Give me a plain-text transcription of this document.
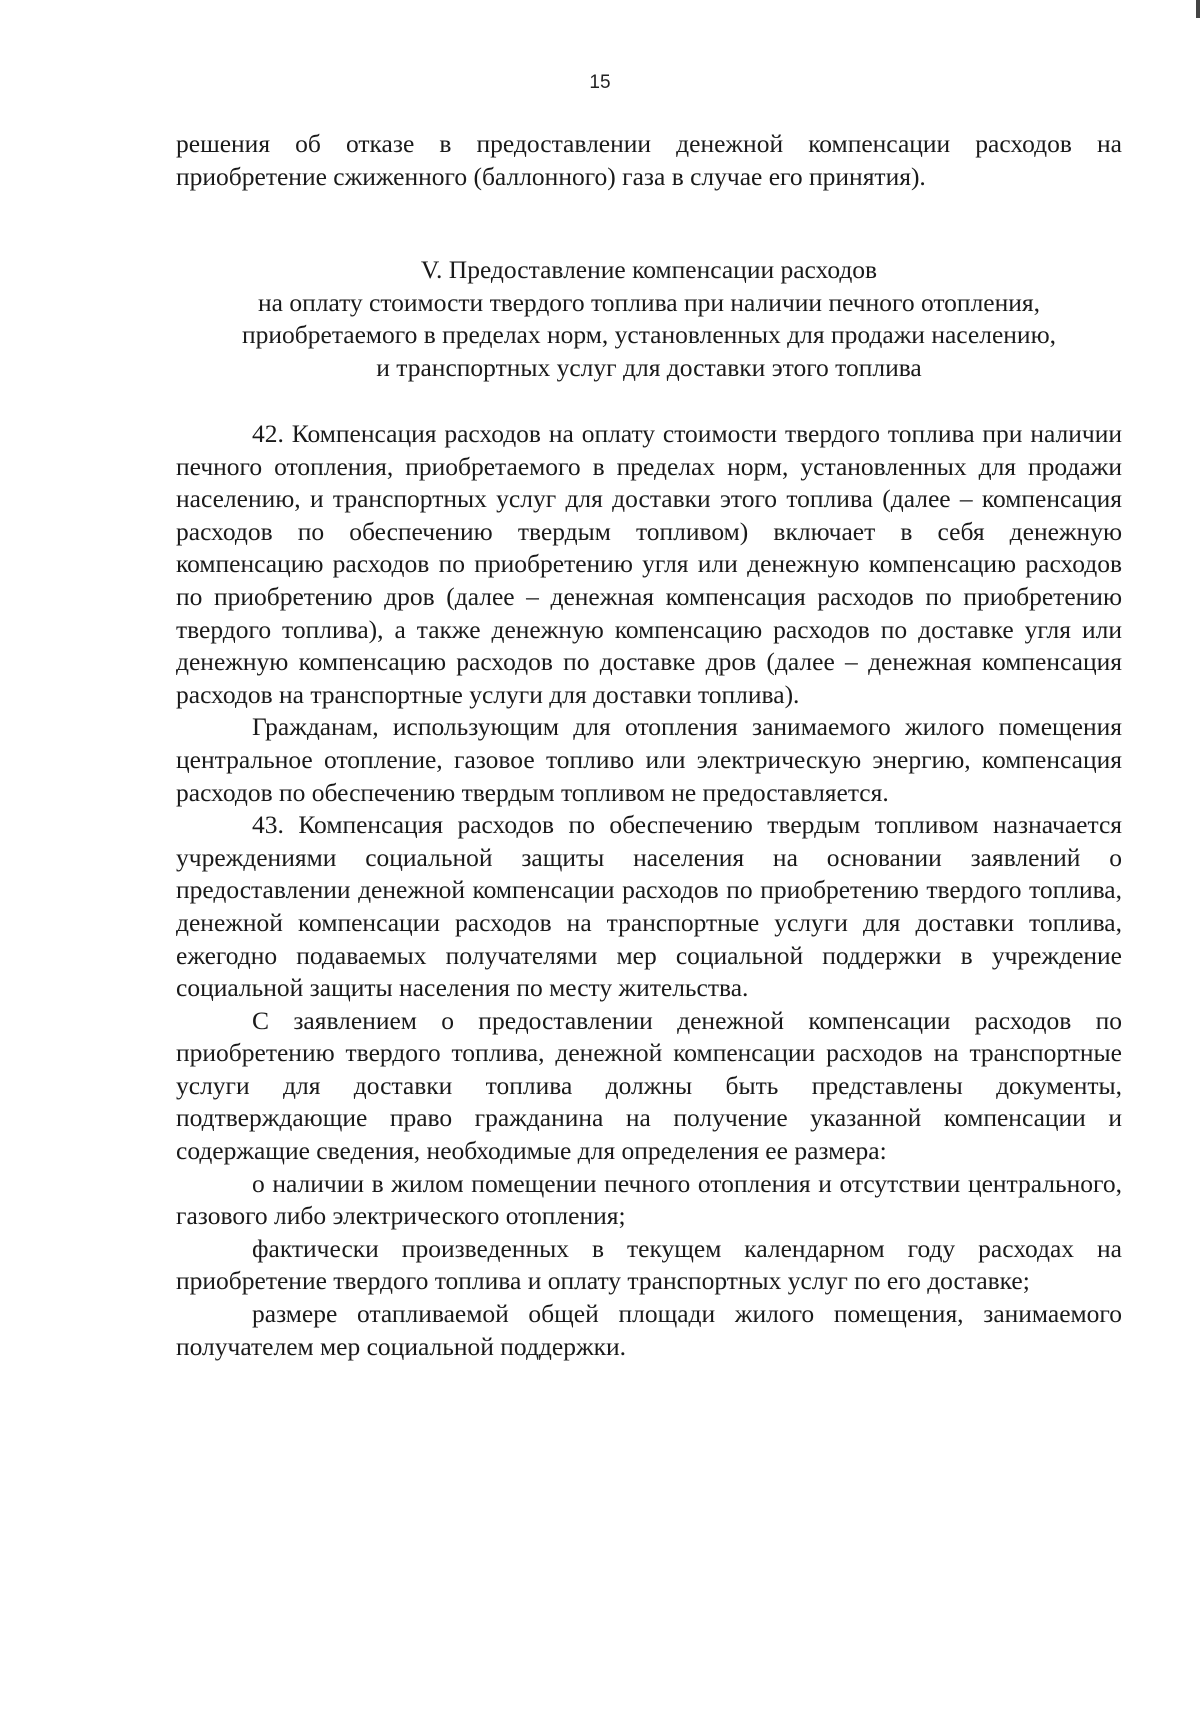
15

решения об отказе в предоставлении денежной компенсации расходов на приобретение сжиженного (баллонного) газа в случае его принятия).

V. Предоставление компенсации расходов
на оплату стоимости твердого топлива при наличии печного отопления,
приобретаемого в пределах норм, установленных для продажи населению,
и транспортных услуг для доставки этого топлива

42. Компенсация расходов на оплату стоимости твердого топлива при наличии печного отопления, приобретаемого в пределах норм, установленных для продажи населению, и транспортных услуг для доставки этого топлива (далее – компенсация расходов по обеспечению твердым топливом) включает в себя денежную компенсацию расходов по приобретению угля или денежную компенсацию расходов по приобретению дров (далее – денежная компенсация расходов по приобретению твердого топлива), а также денежную компенсацию расходов по доставке угля или денежную компенсацию расходов по доставке дров (далее – денежная компенсация расходов на транспортные услуги для доставки топлива).

Гражданам, использующим для отопления занимаемого жилого помещения центральное отопление, газовое топливо или электрическую энергию, компенсация расходов по обеспечению твердым топливом не предоставляется.

43. Компенсация расходов по обеспечению твердым топливом назначается учреждениями социальной защиты населения на основании заявлений о предоставлении денежной компенсации расходов по приобретению твердого топлива, денежной компенсации расходов на транспортные услуги для доставки топлива, ежегодно подаваемых получателями мер социальной поддержки в учреждение социальной защиты населения по месту жительства.

С заявлением о предоставлении денежной компенсации расходов по приобретению твердого топлива, денежной компенсации расходов на транспортные услуги для доставки топлива должны быть представлены документы, подтверждающие право гражданина на получение указанной компенсации и содержащие сведения, необходимые для определения ее размера:

о наличии в жилом помещении печного отопления и отсутствии центрального, газового либо электрического отопления;

фактически произведенных в текущем календарном году расходах на приобретение твердого топлива и оплату транспортных услуг по его доставке;

размере отапливаемой общей площади жилого помещения, занимаемого получателем мер социальной поддержки.
